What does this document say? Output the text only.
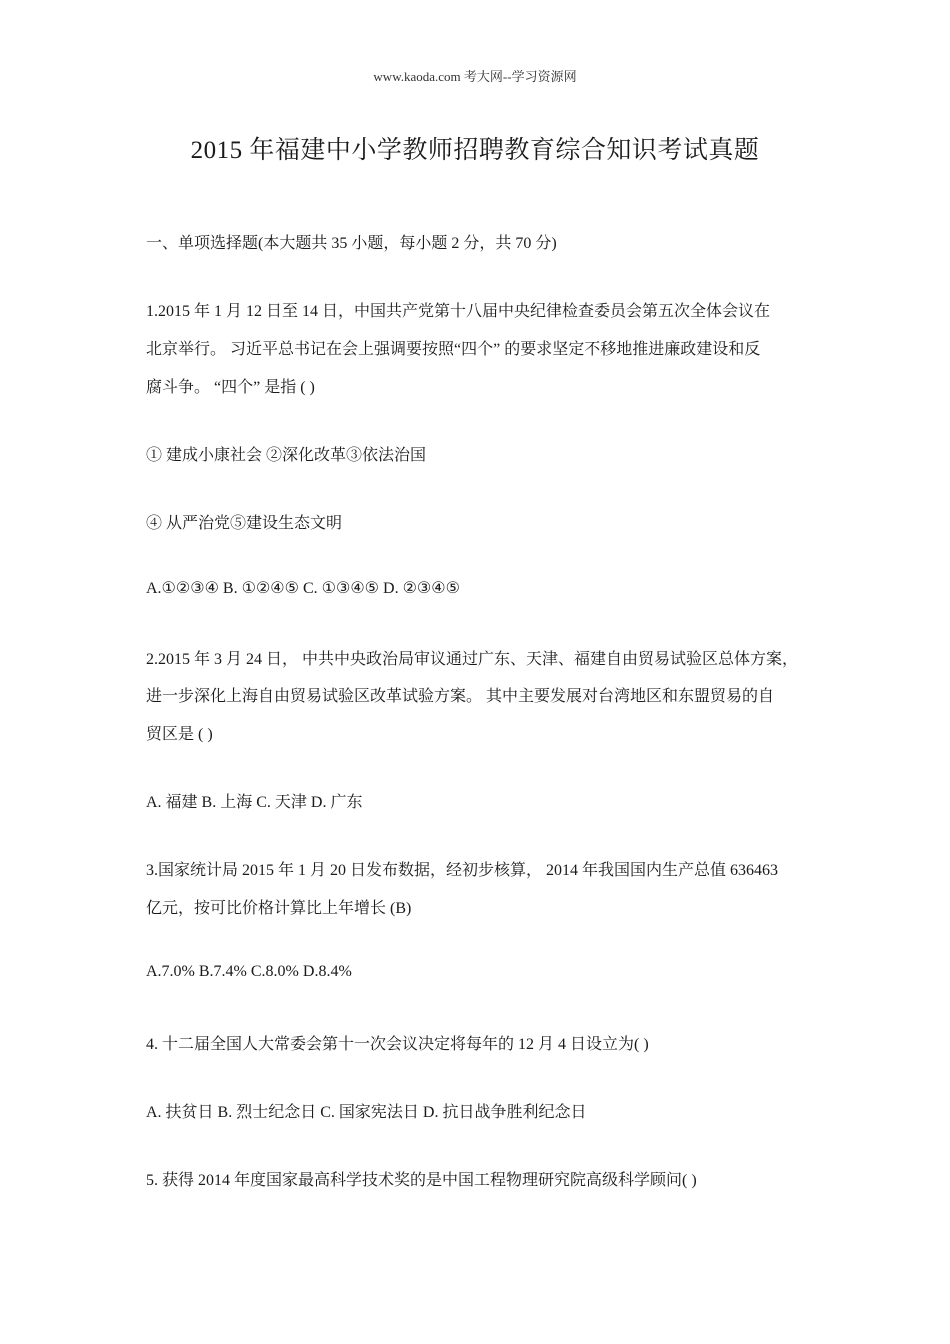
www.kaoda.com 考大网--学习资源网
2015 年福建中小学教师招聘教育综合知识考试真题
一、单项选择题(本大题共 35 小题，每小题 2 分，共 70 分)
1.2015 年 1 月 12 日至 14 日，中国共产党第十八届中央纪律检查委员会第五次全体会议在
北京举行。 习近平总书记在会上强调要按照“四个” 的要求坚定不移地推进廉政建设和反
腐斗争。 “四个” 是指 ( )
① 建成小康社会 ②深化改革③依法治国
④ 从严治党⑤建设生态文明
A.①②③④ B. ①②④⑤ C. ①③④⑤ D. ②③④⑤
2.2015 年 3 月 24 日， 中共中央政治局审议通过广东、天津、福建自由贸易试验区总体方案，
进一步深化上海自由贸易试验区改革试验方案。 其中主要发展对台湾地区和东盟贸易的自
贸区是 ( )
A. 福建 B. 上海 C. 天津 D. 广东
3.国家统计局 2015 年 1 月 20 日发布数据，经初步核算， 2014 年我国国内生产总值 636463
亿元，按可比价格计算比上年增长 (B)
A.7.0% B.7.4% C.8.0% D.8.4%
4. 十二届全国人大常委会第十一次会议决定将每年的 12 月 4 日设立为( )
A. 扶贫日 B. 烈士纪念日 C. 国家宪法日 D. 抗日战争胜利纪念日
5. 获得 2014 年度国家最高科学技术奖的是中国工程物理研究院高级科学顾问( )
